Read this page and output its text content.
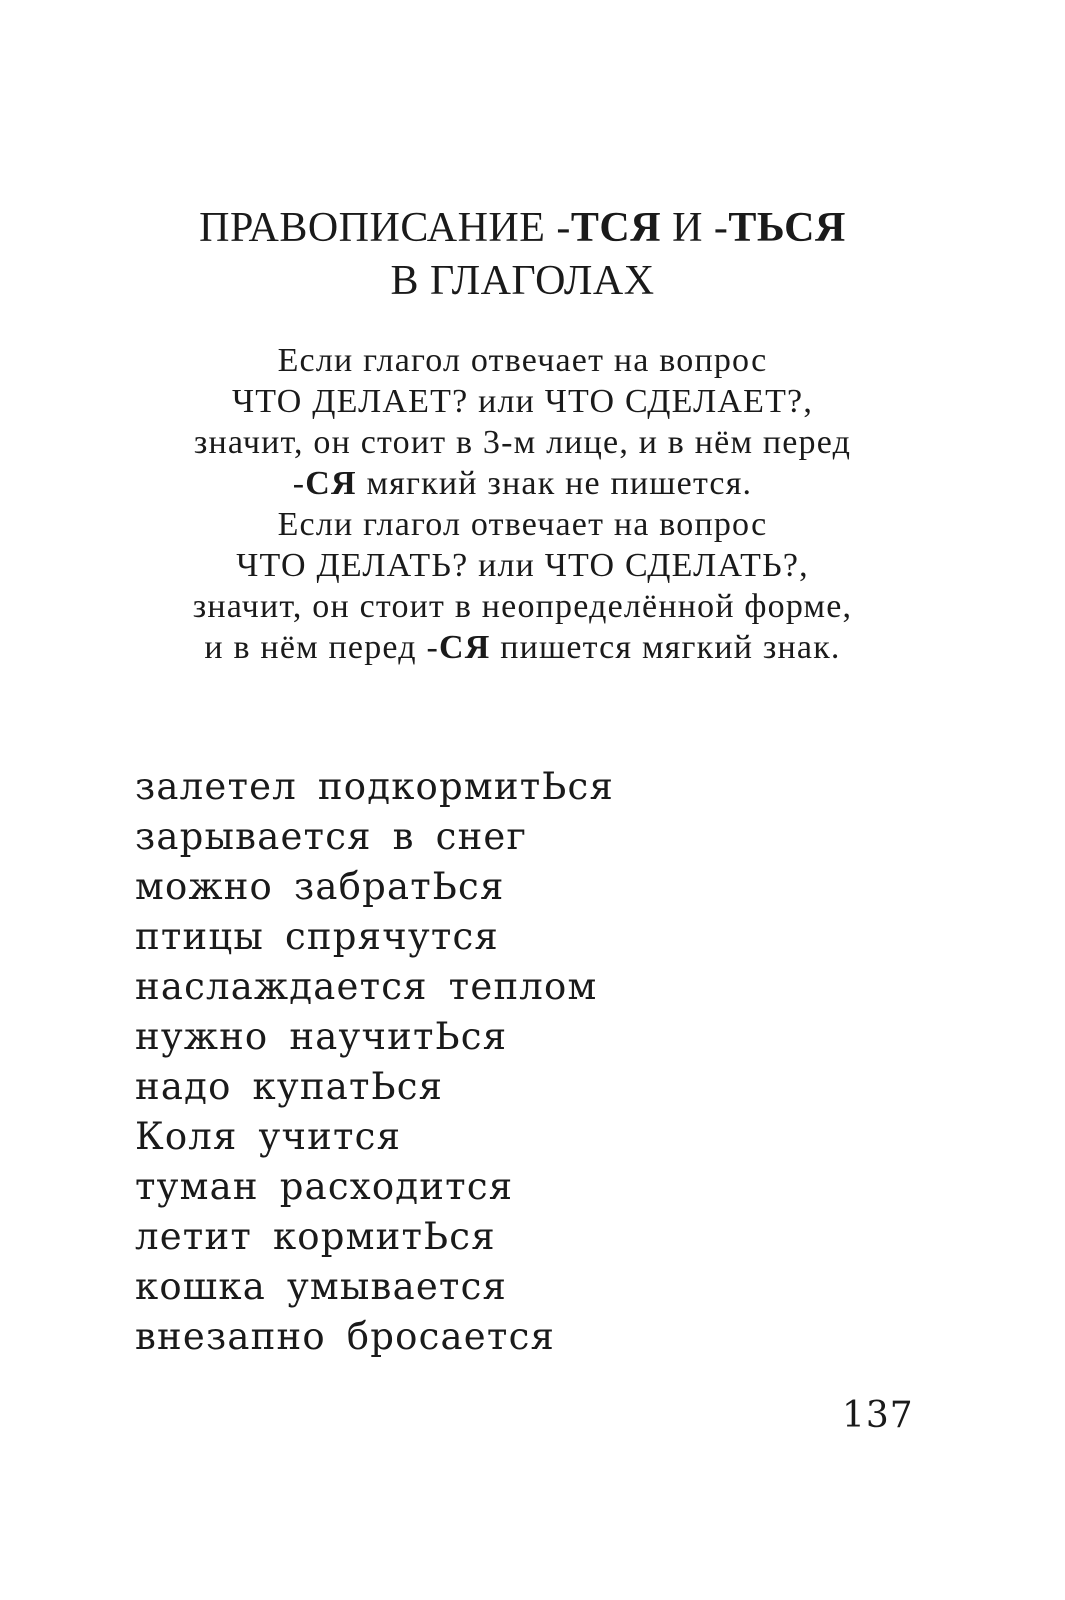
ПРАВОПИСАНИЕ -ТСЯ И -ТЬСЯ
В ГЛАГОЛАХ
Если глагол отвечает на вопрос
ЧТО ДЕЛАЕТ? или ЧТО СДЕЛАЕТ?,
значит, он стоит в 3-м лице, и в нём перед
-СЯ мягкий знак не пишется.
Если глагол отвечает на вопрос
ЧТО ДЕЛАТЬ? или ЧТО СДЕЛАТЬ?,
значит, он стоит в неопределённой форме,
и в нём перед -СЯ пишется мягкий знак.
залетел подкормитЬся
зарывается в снег
можно забратЬся
птицы спрячутся
наслаждается теплом
нужно научитЬся
надо купатЬся
Коля учится
туман расходится
летит кормитЬся
кошка умывается
внезапно бросается
137
